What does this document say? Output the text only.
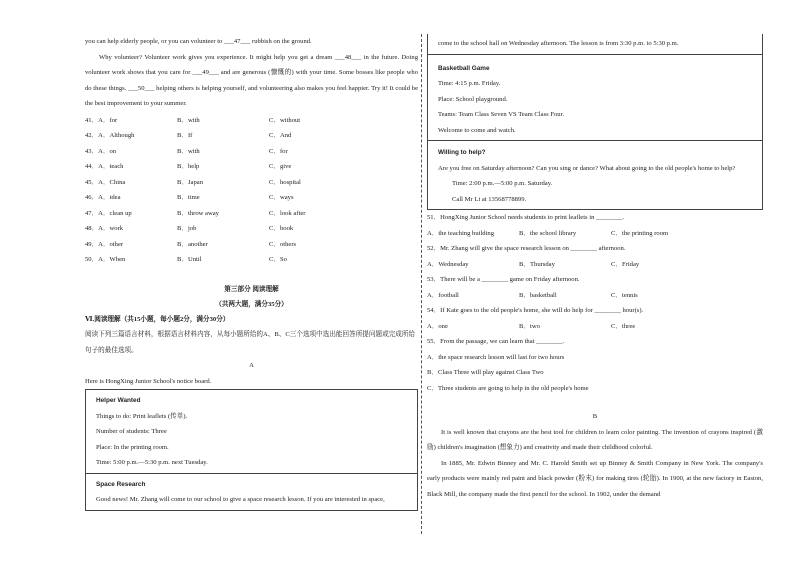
you can help elderly people, or you can volunteer to ___47___ rubbish on the ground.

Why volunteer? Volunteer work gives you experience. It might help you get a dream ___48___ in the future. Doing volunteer work shows that you care for ___49___ and are generous (慷慨的) with your time. Some bosses like people who do these things. ___50___ helping others is helping yourself, and volunteering also makes you feel happier. Try it! It could be the best improvement to your summer.

41．A．for	B．with	C．without
42．A．Although	B．If	C．And
43．A．on	B．with	C．for
44．A．teach	B．help	C．give
45．A．China	B．Japan	C．hospital
46．A．idea	B．time	C．ways
47．A．clean up	B．throw away	C．look after
48．A．work	B．job	C．book
49．A．other	B．another	C．others
50．A．When	B．Until	C．So

第三部分 阅读理解

（共两大题，满分35分）

Ⅵ.阅读理解（共15小题，每小题2分，满分30分）

阅读下列三篇语言材料，根据语言材料内容，从每小题所给的A、B、C三个选项中选出能回答所提问题或完成所给句子的最佳选项。

A

Here is HongXing Junior School's notice board.

Helper Wanted

Things to do: Print leaflets (传单).

Number of students: Three

Place: In the printing room.

Time: 5:00 p.m.—5:30 p.m. next Tuesday.

Space Research

Good news! Mr. Zhang will come to our school to give a space research lesson. If you are interested in space,

come to the school hall on Wednesday afternoon. The lesson is from 3:30 p.m. to 5:30 p.m.

Basketball Game

Time: 4:15 p.m. Friday.

Place: School playground.

Teams: Team Class Seven VS Team Class Four.

Welcome to come and watch.

Willing to help?

Are you free on Saturday afternoon? Can you sing or dance? What about going to the old people's home to help?

Time: 2:00 p.m.—5:00 p.m. Saturday.

Call Mr Li at 13568778899.

51．HongXing Junior School needs students to print leaflets in ________.

A．the teaching building	B．the school library	C．the printing room

52．Mr. Zhang will give the space research lesson on ________ afternoon.

A．Wednesday	B．Thursday	C．Friday

53．There will be a ________ game on Friday afternoon.

A．football	B．basketball	C．tennis

54．If Kate goes to the old people's home, she will do help for ________ hour(s).

A．one	B．two	C．three

55．From the passage, we can learn that ________.

A．the space research lesson will last for two hours

B．Class Three will play against Class Two

C．Three students are going to help in the old people's home

B

It is well known that crayons are the best tool for children to learn color painting. The invention of crayons inspired (激励) children's imagination (想象力) and creativity and made their childhood colorful.

In 1885, Mr. Edwin Binney and Mr. C. Harold Smith set up Binney & Smith Company in New York. The company's early products were mainly red paint and black powder (粉末) for making tires (轮胎). In 1900, at the new factory in Easton, Black Mill, the company made the first pencil for the school. In 1902, under the demand
